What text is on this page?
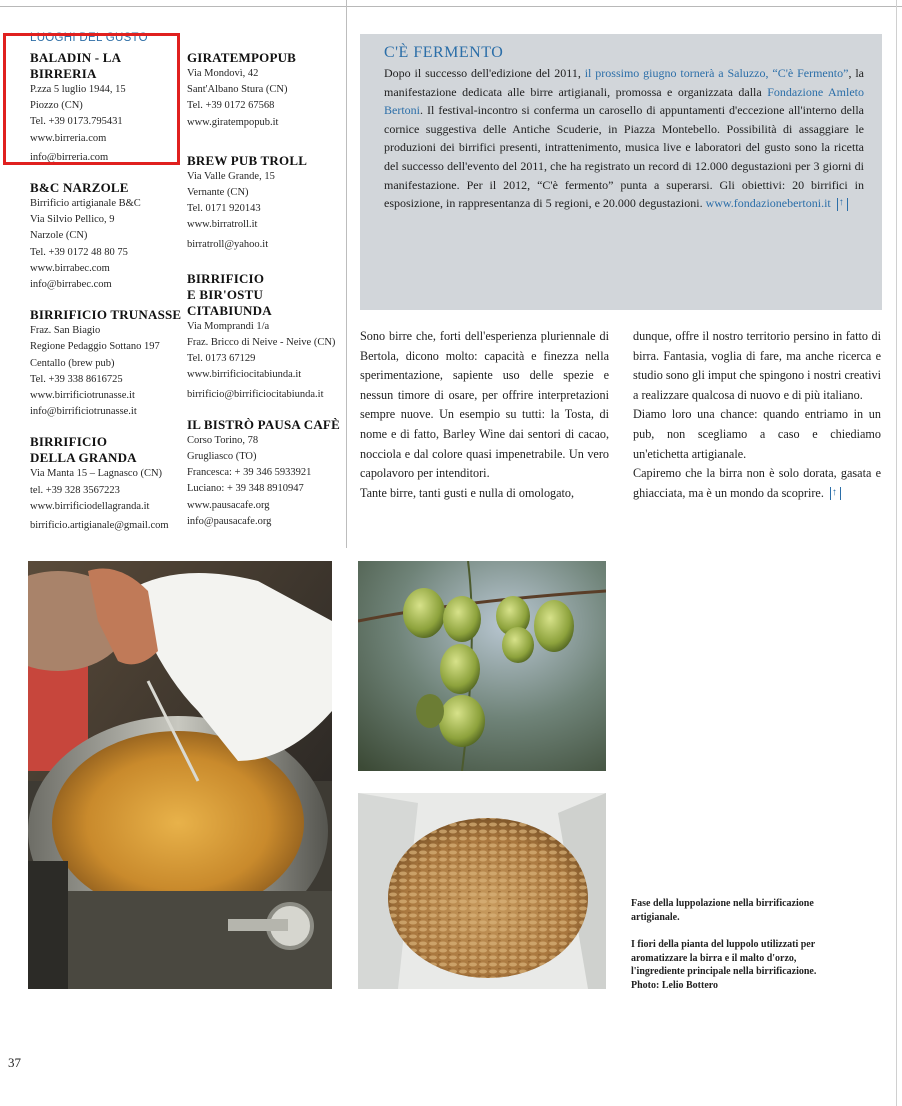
LUOGHI DEL GUSTO
BALADIN - LA BIRRERIA
P.zza 5 luglio 1944, 15
Piozzo (CN)
Tel. +39 0173.795431
www.birreria.com
info@birreria.com
B&C NARZOLE
Birrificio artigianale B&C
Via Silvio Pellico, 9
Narzole (CN)
Tel. +39 0172 48 80 75
www.birrabec.com
info@birrabec.com
BIRRIFICIO TRUNASSE
Fraz. San Biagio
Regione Pedaggio Sottano 197
Centallo (brew pub)
Tel. +39 338 8616725
www.birrificiotrunasse.it
info@birrificiotrunasse.it
BIRRIFICIO
DELLA GRANDA
Via Manta 15 – Lagnasco (CN)
tel. +39 328 3567223
www.birrificiodellagranda.it
birrificio.artigianale@gmail.com
GIRATEMPOPUB
Via Mondovì, 42
Sant'Albano Stura (CN)
Tel. +39 0172 67568
www.giratempopub.it
BREW PUB TROLL
Via Valle Grande, 15
Vernante (CN)
Tel. 0171 920143
www.birratroll.it
birratroll@yahoo.it
BIRRIFICIO
E BIR'OSTU
CITABIUNDA
Via Momprandi 1/a
Fraz. Bricco di Neive - Neive (CN)
Tel. 0173 67129
www.birrificiocitabiunda.it
birrificio@birrificiocitabiunda.it
IL BISTRÒ PAUSA CAFÈ
Corso Torino, 78
Grugliasco (TO)
Francesca: + 39 346 5933921
Luciano: + 39 348 8910947
www.pausacafe.org
info@pausacafe.org
C'È FERMENTO

Dopo il successo dell'edizione del 2011, il prossimo giugno tornerà a Saluzzo, “C'è Fermento”, la manifestazione dedicata alle birre artigianali, promossa e organizzata dalla Fondazione Amleto Bertoni. Il festival-incontro si conferma un carosello di appuntamenti d'eccezione all'interno della cornice suggestiva delle Antiche Scuderie, in Piazza Montebello. Possibilità di assaggiare le produzioni dei birrifici presenti, intrattenimento, musica live e laboratori del gusto sono la ricetta del successo dell'evento del 2011, che ha registrato un record di 12.000 degustazioni per 3 giorni di manifestazione. Per il 2012, “C'è fermento” punta a superarsi. Gli obiettivi: 20 birrifici in esposizione, in rappresentanza di 5 regioni, e 20.000 degustazioni. www.fondazionebertoni.it↑

Sono birre che, forti dell'esperienza pluriennale di Bertola, dicono molto: capacità e finezza nella sperimentazione, sapiente uso delle spezie e nessun timore di osare, per offrire interpretazioni sempre nuove. Un esempio su tutti: la Tosta, di nome e di fatto, Barley Wine dai sentori di cacao, nocciola e dal colore quasi impenetrabile. Un vero capolavoro per intenditori.

Tante birre, tanti gusti e nulla di omologato,

dunque, offre il nostro territorio persino in fatto di birra. Fantasia, voglia di fare, ma anche ricerca e studio sono gli imput che spingono i nostri creativi a realizzare qualcosa di nuovo e di più italiano.

Diamo loro una chance: quando entriamo in un pub, non scegliamo a caso e chiediamo un'etichetta artigianale.

Capiremo che la birra non è solo dorata, gasata e ghiacciata, ma è un mondo da scoprire.↑

Fase della luppolazione nella birrificazione artigianale.
I fiori della pianta del luppolo utilizzati per aromatizzare la birra e il malto d'orzo, l'ingrediente principale nella birrificazione.
Photo: Lelio Bottero
37
